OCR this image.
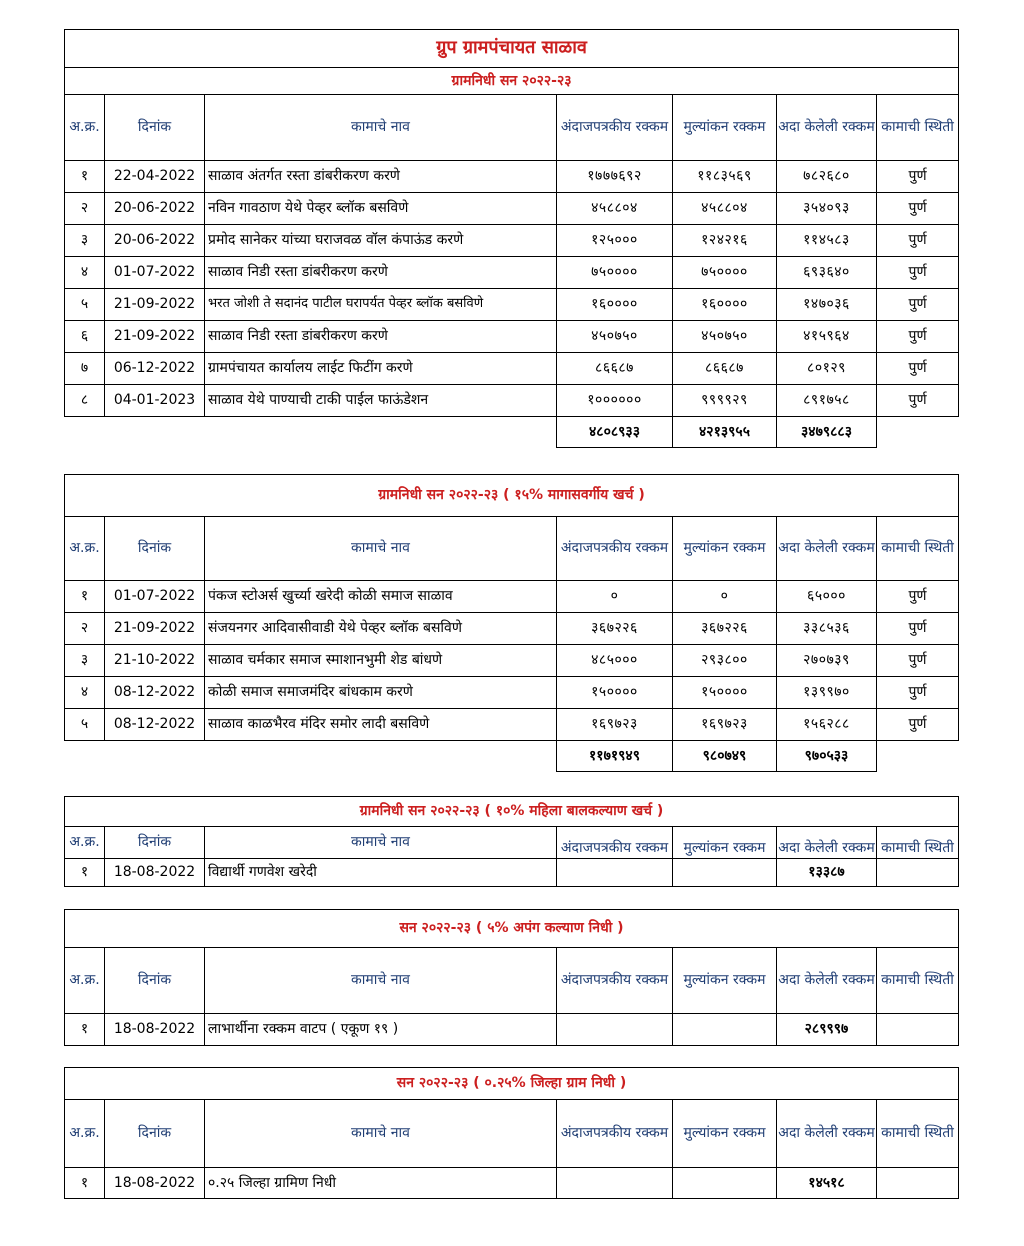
ग्रुप ग्रामपंचायत साळाव						
ग्रामनिधी सन २०२२-२३						
अ.क्र.	दिनांक	कामाचे नाव	अंदाजपत्रकीय रक्कम	मुल्यांकन रक्कम	अदा केलेली रक्कम	कामाची स्थिती
१	22-04-2022	साळाव अंतर्गत रस्ता डांबरीकरण करणे	१७७७६९२	११८३५६९	७८२६८०	पुर्ण
२	20-06-2022	नविन गावठाण येथे पेव्हर ब्लॉक बसविणे	४५८८०४	४५८८०४	३५४०९३	पुर्ण
३	20-06-2022	प्रमोद सानेकर यांच्या घराजवळ वॉल कंपाऊंड करणे	१२५०००	१२४२१६	११४५८३	पुर्ण
४	01-07-2022	साळाव निडी रस्ता डांबरीकरण करणे	७५००००	७५००००	६९३६४०	पुर्ण
५	21-09-2022	भरत जोशी ते सदानंद पाटील घरापर्यत पेव्हर ब्लॉक बसविणे	१६००००	१६००००	१४७०३६	पुर्ण
६	21-09-2022	साळाव निडी रस्ता डांबरीकरण करणे	४५०७५०	४५०७५०	४१५९६४	पुर्ण
७	06-12-2022	ग्रामपंचायत कार्यालय लाईट फिटींग करणे	८६६८७	८६६८७	८०१२९	पुर्ण
८	04-01-2023	साळाव येथे पाण्याची टाकी पाईल फाऊंडेशन	१००००००	९९९९२९	८९१७५८	पुर्ण
			४८०८९३३	४२१३९५५	३४७९८८३	
ग्रामनिधी सन २०२२-२३ ( १५% मागासवर्गीय खर्च )						
अ.क्र.	दिनांक	कामाचे नाव	अंदाजपत्रकीय रक्कम	मुल्यांकन रक्कम	अदा केलेली रक्कम	कामाची स्थिती
१	01-07-2022	पंकज स्टोअर्स खुर्च्या खरेदी कोळी समाज साळाव	०	०	६५०००	पुर्ण
२	21-09-2022	संजयनगर आदिवासीवाडी येथे पेव्हर ब्लॉक बसविणे	३६७२२६	३६७२२६	३३८५३६	पुर्ण
३	21-10-2022	साळाव चर्मकार समाज स्माशानभुमी शेड बांधणे	४८५०००	२९३८००	२७०७३९	पुर्ण
४	08-12-2022	कोळी समाज समाजमंदिर बांधकाम करणे	१५००००	१५००००	१३९९७०	पुर्ण
५	08-12-2022	साळाव काळभैरव मंदिर समोर लादी बसविणे	१६९७२३	१६९७२३	१५६२८८	पुर्ण
			११७१९४९	९८०७४९	९७०५३३	
ग्रामनिधी सन २०२२-२३ ( १०% महिला बालकल्याण खर्च )						
अ.क्र.	दिनांक	कामाचे नाव	अंदाजपत्रकीय रक्कम	मुल्यांकन रक्कम	अदा केलेली रक्कम	कामाची स्थिती
१	18-08-2022	विद्यार्थी गणवेश खरेदी			१३३८७	
सन २०२२-२३ ( ५% अपंग कल्याण निधी )						
अ.क्र.	दिनांक	कामाचे नाव	अंदाजपत्रकीय रक्कम	मुल्यांकन रक्कम	अदा केलेली रक्कम	कामाची स्थिती
१	18-08-2022	लाभार्थीना रक्कम वाटप ( एकूण १९ )			२८९९९७	
सन २०२२-२३ ( ०.२५% जिल्हा ग्राम निधी )						
अ.क्र.	दिनांक	कामाचे नाव	अंदाजपत्रकीय रक्कम	मुल्यांकन रक्कम	अदा केलेली रक्कम	कामाची स्थिती
१	18-08-2022	०.२५ जिल्हा ग्रामिण निधी			१४५१८	
